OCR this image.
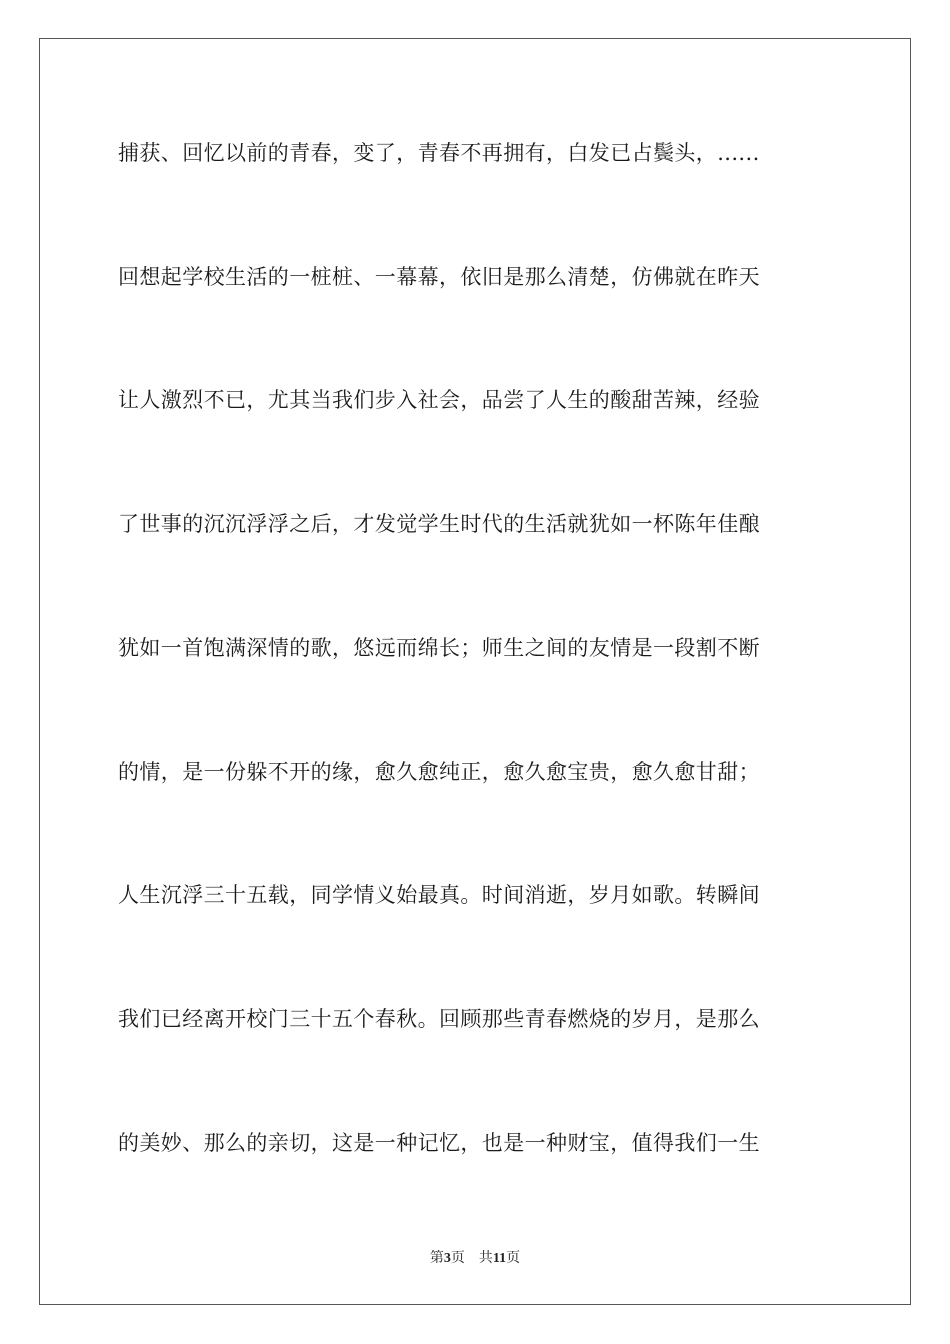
捕获、回忆以前的青春，变了，青春不再拥有，白发已占鬓头，......
回想起学校生活的一桩桩、一幕幕，依旧是那么清楚，仿佛就在昨天
让人激烈不已，尤其当我们步入社会，品尝了人生的酸甜苦辣，经验
了世事的沉沉浮浮之后，才发觉学生时代的生活就犹如一杯陈年佳酿
犹如一首饱满深情的歌，悠远而绵长；师生之间的友情是一段割不断
的情，是一份躲不开的缘，愈久愈纯正，愈久愈宝贵，愈久愈甘甜；
人生沉浮三十五载，同学情义始最真。时间消逝，岁月如歌。转瞬间
我们已经离开校门三十五个春秋。回顾那些青春燃烧的岁月，是那么
的美妙、那么的亲切，这是一种记忆，也是一种财宝，值得我们一生
第3页 共11页
